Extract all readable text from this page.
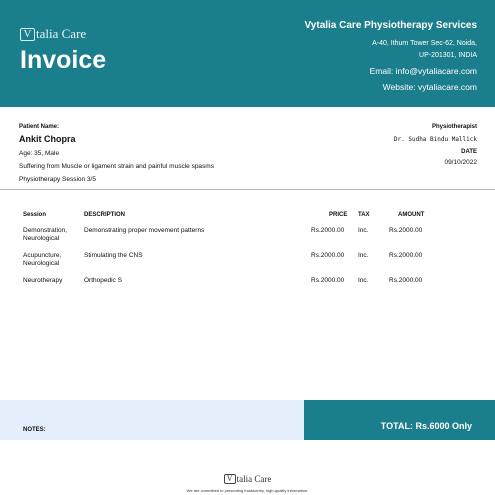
V talia Care
Invoice
Vytalia Care Physiotherapy Services
A-40, Ithum Tower Sec-62, Noida,
UP-201301, INDIA
Email: info@vytaliacare.com
Website: vytaliacare.com
Patient Name:
Ankit Chopra
Age: 35, Male
Suffering from Muscle or ligament strain and painful muscle spasms
Physiotherapy Session 3/5
Physiotherapist
Dr. Sudha Bindu Mallick
DATE
09/10/2022
Session	DESCRIPTION	PRICE TAX	AMOUNT
Demonstration,
Neurological
Demonstrating proper movement patterns	Rs.2000.00 Inc.	Rs.2000.00
Acupuncture,
Neurological
Stimulating the CNS	Rs.2000.00 Inc.	Rs.2000.00
Neurotherapy	Orthopedic S	Rs.2000.00 Inc.	Rs.2000.00
NOTES:	TOTAL: Rs.6000 Only
V talia Care
We are committed to presenting trustworthy, high-quality information.
